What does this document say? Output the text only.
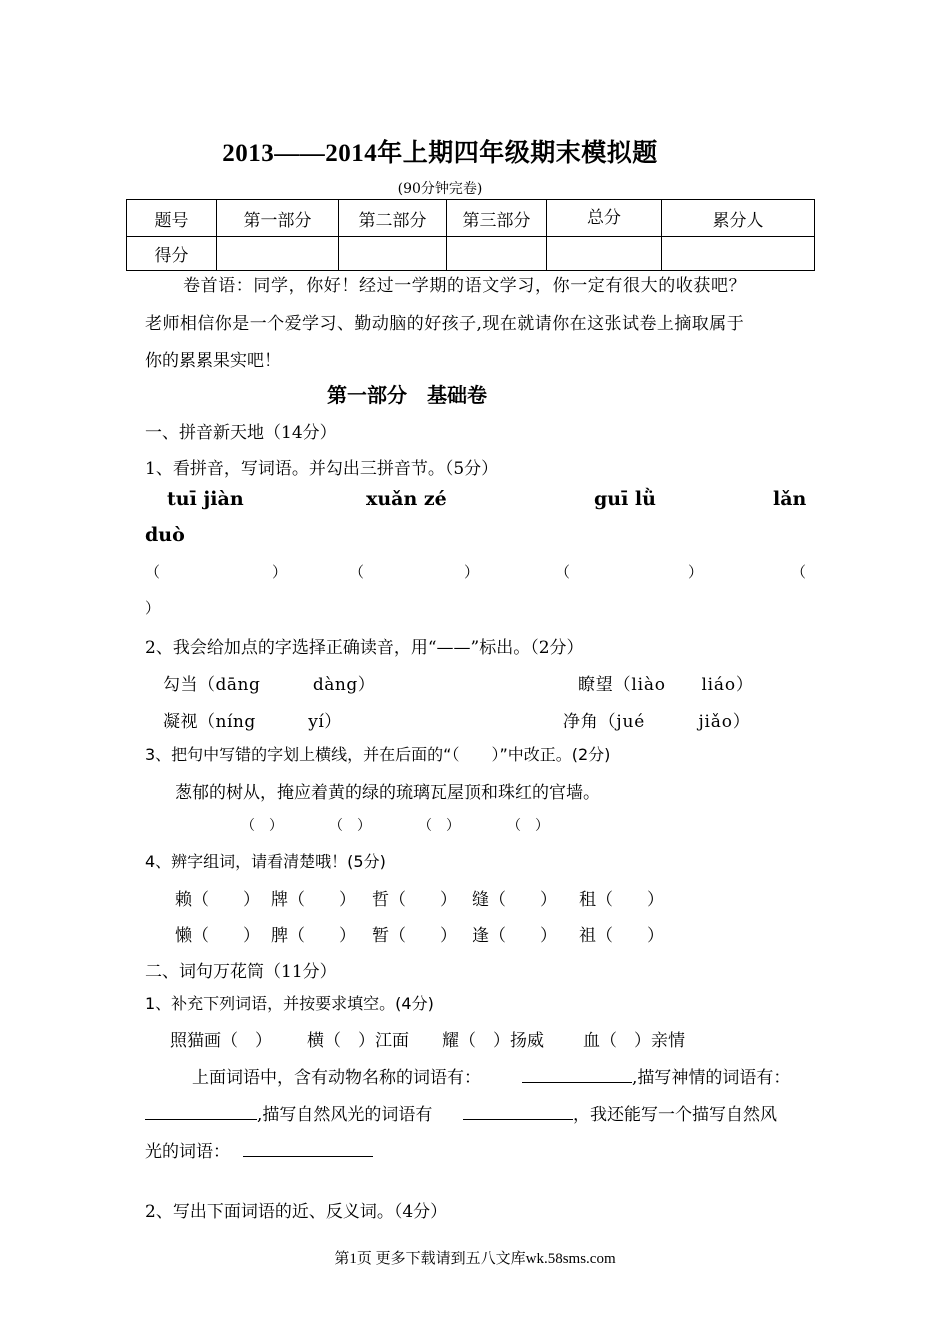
2013——2014年上期四年级期末模拟题
(90分钟完卷)
题号	第一部分	第二部分	第三部分	总分	累分人
得分					
卷首语：同学，你好！经过一学期的语文学习，你一定有很大的收获吧？
老师相信你是一个爱学习、勤动脑的好孩子,现在就请你在这张试卷上摘取属于
你的累累果实吧！
第一部分　基础卷
一、拼音新天地（14分）
1、看拼音，写词语。并勾出三拼音节。（5分）
tuī jiàn	xuǎn zé	guī lǜ	lǎn
duò
（	）	（	）	（	）	（
）
2、我会给加点的字选择正确读音，用“——”标出。（2分）
勾当（dāng　　　dàng）	瞭望（liào　　liáo）
凝视（níng　　　yí）	净角（jué　　　jiǎo）
3、把句中写错的字划上横线，并在后面的“（　　）”中改正。(2分)
葱郁的树从，掩应着黄的绿的琉璃瓦屋顶和珠红的官墙。
（　）	（　）	（　）	（　）
4、辨字组词，请看清楚哦！(5分)
赖（　　） 牌（　　） 哲（　　） 缝（　　） 租（　　）
懒（　　） 脾（　　） 暂（　　） 逢（　　） 祖（　　）
二、词句万花筒（11分）
1、补充下列词语，并按要求填空。(4分)
照猫画（　） 横（　）江面 耀（　）扬威 血（　）亲情
上面词语中，含有动物名称的词语有：	,描写神情的词语有：
,描写自然风光的词语有	，我还能写一个描写自然风
光的词语：
2、写出下面词语的近、反义词。（4分）
第1页 更多下载请到五八文库wk.58sms.com
